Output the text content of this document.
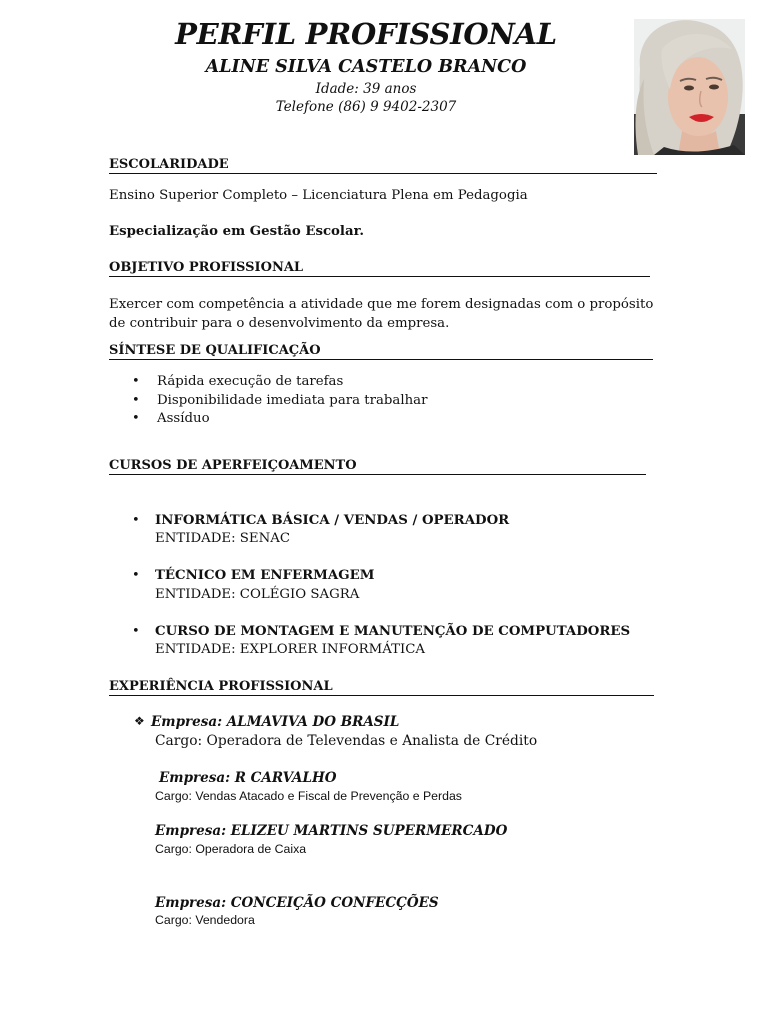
PERFIL PROFISSIONAL
ALINE SILVA CASTELO BRANCO
Idade: 39 anos
Telefone (86) 9 9402-2307
ESCOLARIDADE
Ensino Superior Completo – Licenciatura Plena em Pedagogia
Especialização em Gestão Escolar.
OBJETIVO PROFISSIONAL
Exercer com competência a atividade que me forem designadas com o propósito
de contribuir para o desenvolvimento da empresa.
SÍNTESE DE QUALIFICAÇÃO
• Rápida execução de tarefas
• Disponibilidade imediata para trabalhar
• Assíduo
CURSOS DE APERFEIÇOAMENTO
• INFORMÁTICA BÁSICA / VENDAS / OPERADOR
ENTIDADE: SENAC
• TÉCNICO EM ENFERMAGEM
ENTIDADE: COLÉGIO SAGRA
• CURSO DE MONTAGEM E MANUTENÇÃO DE COMPUTADORES
ENTIDADE: EXPLORER INFORMÁTICA
EXPERIÊNCIA PROFISSIONAL
❖ Empresa: ALMAVIVA DO BRASIL
Cargo: Operadora de Televendas e Analista de Crédito
Empresa: R CARVALHO
Cargo: Vendas Atacado e Fiscal de Prevenção e Perdas
Empresa: ELIZEU MARTINS SUPERMERCADO
Cargo: Operadora de Caixa
Empresa: CONCEIÇÃO CONFECÇÕES
Cargo: Vendedora
